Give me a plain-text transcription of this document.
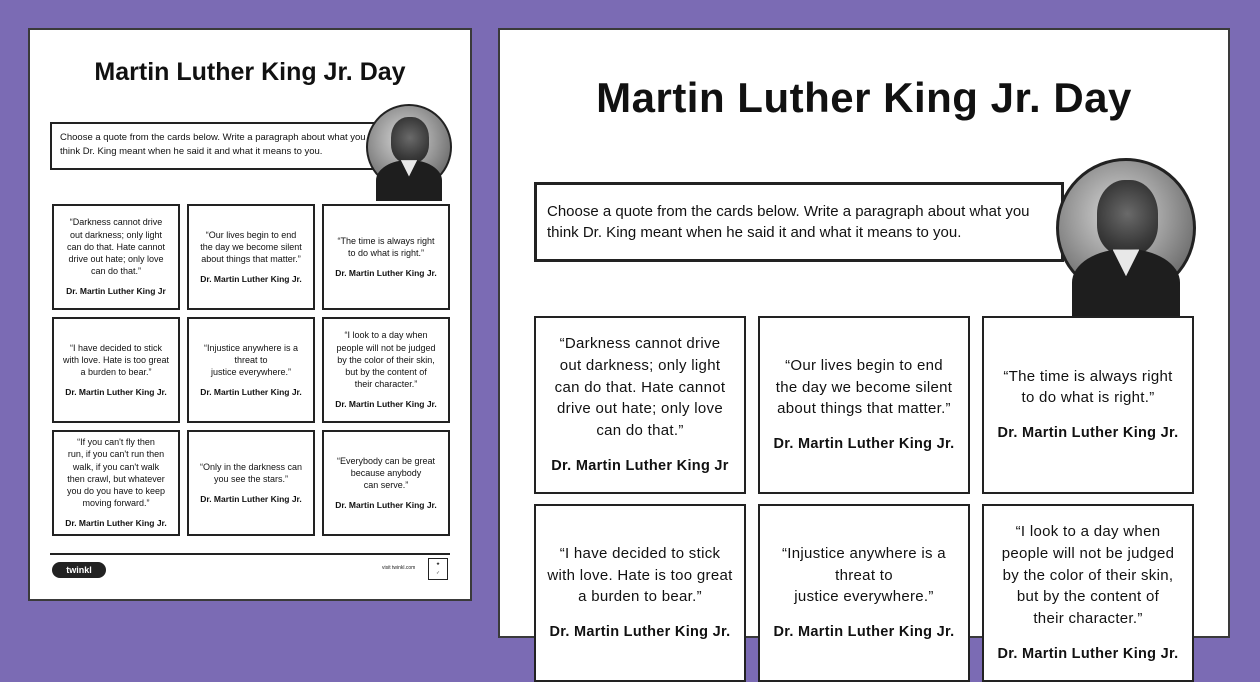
Martin Luther King Jr. Day
Choose a quote from the cards below. Write a paragraph about what you think Dr. King meant when he said it and what it means to you.
“Darkness cannot drive
out darkness; only light
can do that. Hate cannot
drive out hate; only love
can do that.”
Dr. Martin Luther King Jr
“Our lives begin to end
the day we become silent
about things that matter.”
Dr. Martin Luther King Jr.
“The time is always right
to do what is right.”
Dr. Martin Luther King Jr.
“I have decided to stick
with love. Hate is too great
a burden to bear.”
Dr. Martin Luther King Jr.
“Injustice anywhere is a
threat to
justice everywhere.”
Dr. Martin Luther King Jr.
“I look to a day when
people will not be judged
by the color of their skin,
but by the content of
their character.”
Dr. Martin Luther King Jr.
“If you can't fly then
run, if you can't run then
walk, if you can't walk
then crawl, but whatever
you do you have to keep
moving forward.”
Dr. Martin Luther King Jr.
“Only in the darkness can
you see the stars.”
Dr. Martin Luther King Jr.
“Everybody can be great
because anybody
can serve.”
Dr. Martin Luther King Jr.
twinkl	visit twinkl.com
★
✓
Martin Luther King Jr. Day
Choose a quote from the cards below. Write a paragraph about what you think Dr. King meant when he said it and what it means to you.
“Darkness cannot drive
out darkness; only light
can do that. Hate cannot
drive out hate; only love
can do that.”
Dr. Martin Luther King Jr
“Our lives begin to end
the day we become silent
about things that matter.”
Dr. Martin Luther King Jr.
“The time is always right
to do what is right.”
Dr. Martin Luther King Jr.
“I have decided to stick
with love. Hate is too great
a burden to bear.”
Dr. Martin Luther King Jr.
“Injustice anywhere is a
threat to
justice everywhere.”
Dr. Martin Luther King Jr.
“I look to a day when
people will not be judged
by the color of their skin,
but by the content of
their character.”
Dr. Martin Luther King Jr.
